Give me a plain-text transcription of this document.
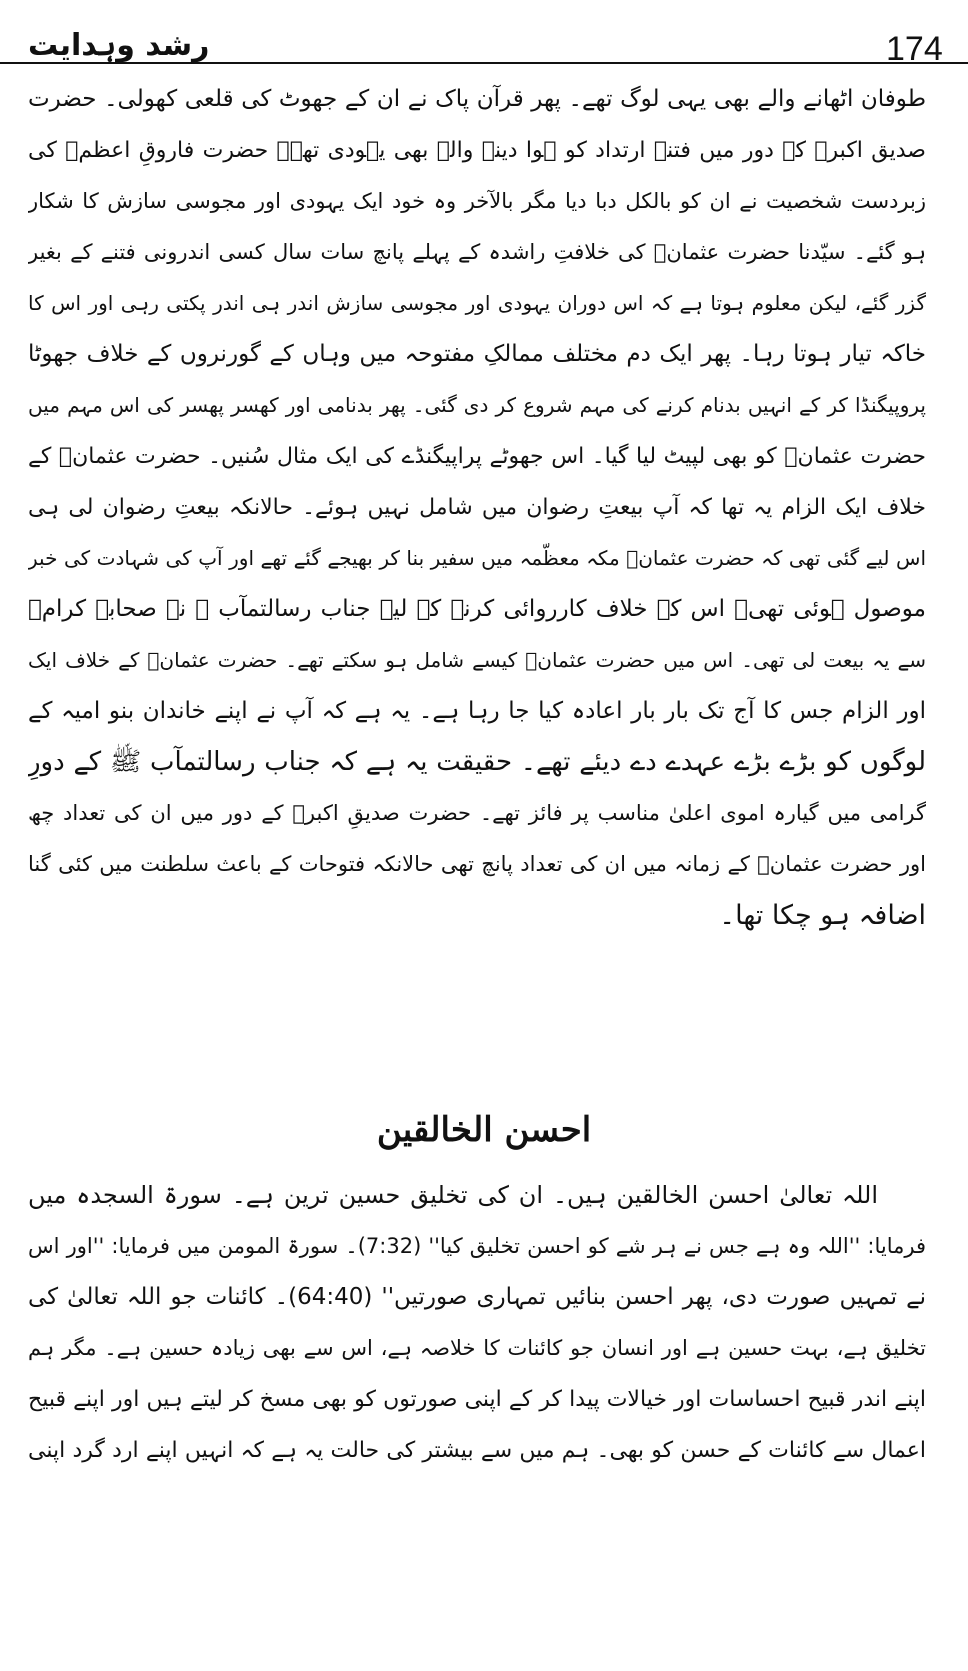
174
رشد وہدایت
طوفان اٹھانے والے بھی یہی لوگ تھے۔ پھر قرآن پاک نے ان کے جھوٹ کی قلعی کھولی۔ حضرت
صدیق اکبرؓ کے دور میں فتنۂ ارتداد کو ہوا دینے والے بھی یہودی تھے۔ حضرت فاروقِ اعظمؓ کی
زبردست شخصیت نے ان کو بالکل دبا دیا مگر بالآخر وہ خود ایک یہودی اور مجوسی سازش کا شکار
ہو گئے۔ سیّدنا حضرت عثمانؓ کی خلافتِ راشدہ کے پہلے پانچ سات سال کسی اندرونی فتنے کے بغیر
گزر گئے، لیکن معلوم ہوتا ہے کہ اس دوران یہودی اور مجوسی سازش اندر ہی اندر پکتی رہی اور اس کا
خاکہ تیار ہوتا رہا۔ پھر ایک دم مختلف ممالکِ مفتوحہ میں وہاں کے گورنروں کے خلاف جھوٹا
پروپیگنڈا کر کے انہیں بدنام کرنے کی مہم شروع کر دی گئی۔ پھر بدنامی اور کھسر پھسر کی اس مہم میں
حضرت عثمانؓ کو بھی لپیٹ لیا گیا۔ اس جھوٹے پراپیگنڈے کی ایک مثال سُنیں۔ حضرت عثمانؓ کے
خلاف ایک الزام یہ تھا کہ آپ بیعتِ رضوان میں شامل نہیں ہوئے۔ حالانکہ بیعتِ رضوان لی ہی
اس لیے گئی تھی کہ حضرت عثمانؓ مکہ معظّمہ میں سفیر بنا کر بھیجے گئے تھے اور آپ کی شہادت کی خبر
موصول ہوئی تھی۔ اس کے خلاف کارروائی کرنے کے لیے جناب رسالتمآب ﷺ نے صحابہ کرامؓ
سے یہ بیعت لی تھی۔ اس میں حضرت عثمانؓ کیسے شامل ہو سکتے تھے۔ حضرت عثمانؓ کے خلاف ایک
اور الزام جس کا آج تک بار بار اعادہ کیا جا رہا ہے۔ یہ ہے کہ آپ نے اپنے خاندان بنو امیہ کے
لوگوں کو بڑے بڑے عہدے دے دیئے تھے۔ حقیقت یہ ہے کہ جناب رسالتمآب ﷺ کے دورِ
گرامی میں گیارہ اموی اعلیٰ مناسب پر فائز تھے۔ حضرت صدیقِ اکبرؓ کے دور میں ان کی تعداد چھ
اور حضرت عثمانؓ کے زمانہ میں ان کی تعداد پانچ تھی حالانکہ فتوحات کے باعث سلطنت میں کئی گنا
اضافہ ہو چکا تھا۔
احسن الخالقین
اللہ تعالیٰ احسن الخالقین ہیں۔ ان کی تخلیق حسین ترین ہے۔ سورۃ السجدہ میں
فرمایا: ''اللہ وہ ہے جس نے ہر شے کو احسن تخلیق کیا'' (7:32)۔ سورۃ المومن میں فرمایا: ''اور اس
نے تمہیں صورت دی، پھر احسن بنائیں تمہاری صورتیں'' (64:40)۔ کائنات جو اللہ تعالیٰ کی
تخلیق ہے، بہت حسین ہے اور انسان جو کائنات کا خلاصہ ہے، اس سے بھی زیادہ حسین ہے۔ مگر ہم
اپنے اندر قبیح احساسات اور خیالات پیدا کر کے اپنی صورتوں کو بھی مسخ کر لیتے ہیں اور اپنے قبیح
اعمال سے کائنات کے حسن کو بھی۔ ہم میں سے بیشتر کی حالت یہ ہے کہ انہیں اپنے ارد گرد اپنی
